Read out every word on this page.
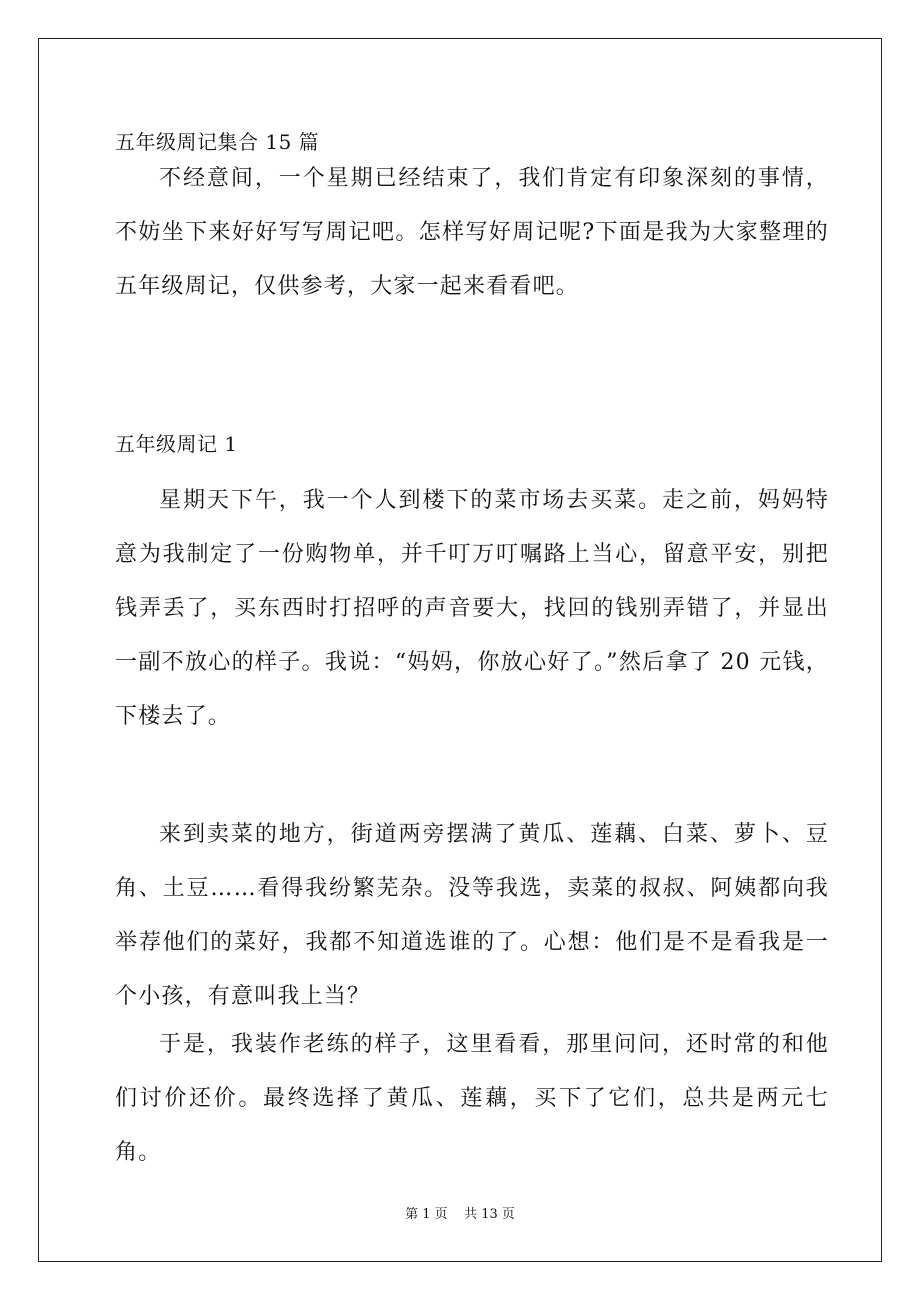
五年级周记集合 15 篇

不经意间，一个星期已经结束了，我们肯定有印象深刻的事情，不妨坐下来好好写写周记吧。怎样写好周记呢?下面是我为大家整理的五年级周记，仅供参考，大家一起来看看吧。

五年级周记 1

星期天下午，我一个人到楼下的菜市场去买菜。走之前，妈妈特意为我制定了一份购物单，并千叮万叮嘱路上当心，留意平安，别把钱弄丢了，买东西时打招呼的声音要大，找回的钱别弄错了，并显出一副不放心的样子。我说：“妈妈，你放心好了。”然后拿了 20 元钱，下楼去了。

来到卖菜的地方，街道两旁摆满了黄瓜、莲藕、白菜、萝卜、豆角、土豆……看得我纷繁芜杂。没等我选，卖菜的叔叔、阿姨都向我举荐他们的菜好，我都不知道选谁的了。心想：他们是不是看我是一个小孩，有意叫我上当？

于是，我装作老练的样子，这里看看，那里问问，还时常的和他们讨价还价。最终选择了黄瓜、莲藕，买下了它们，总共是两元七角。

第 1 页    共 13 页
